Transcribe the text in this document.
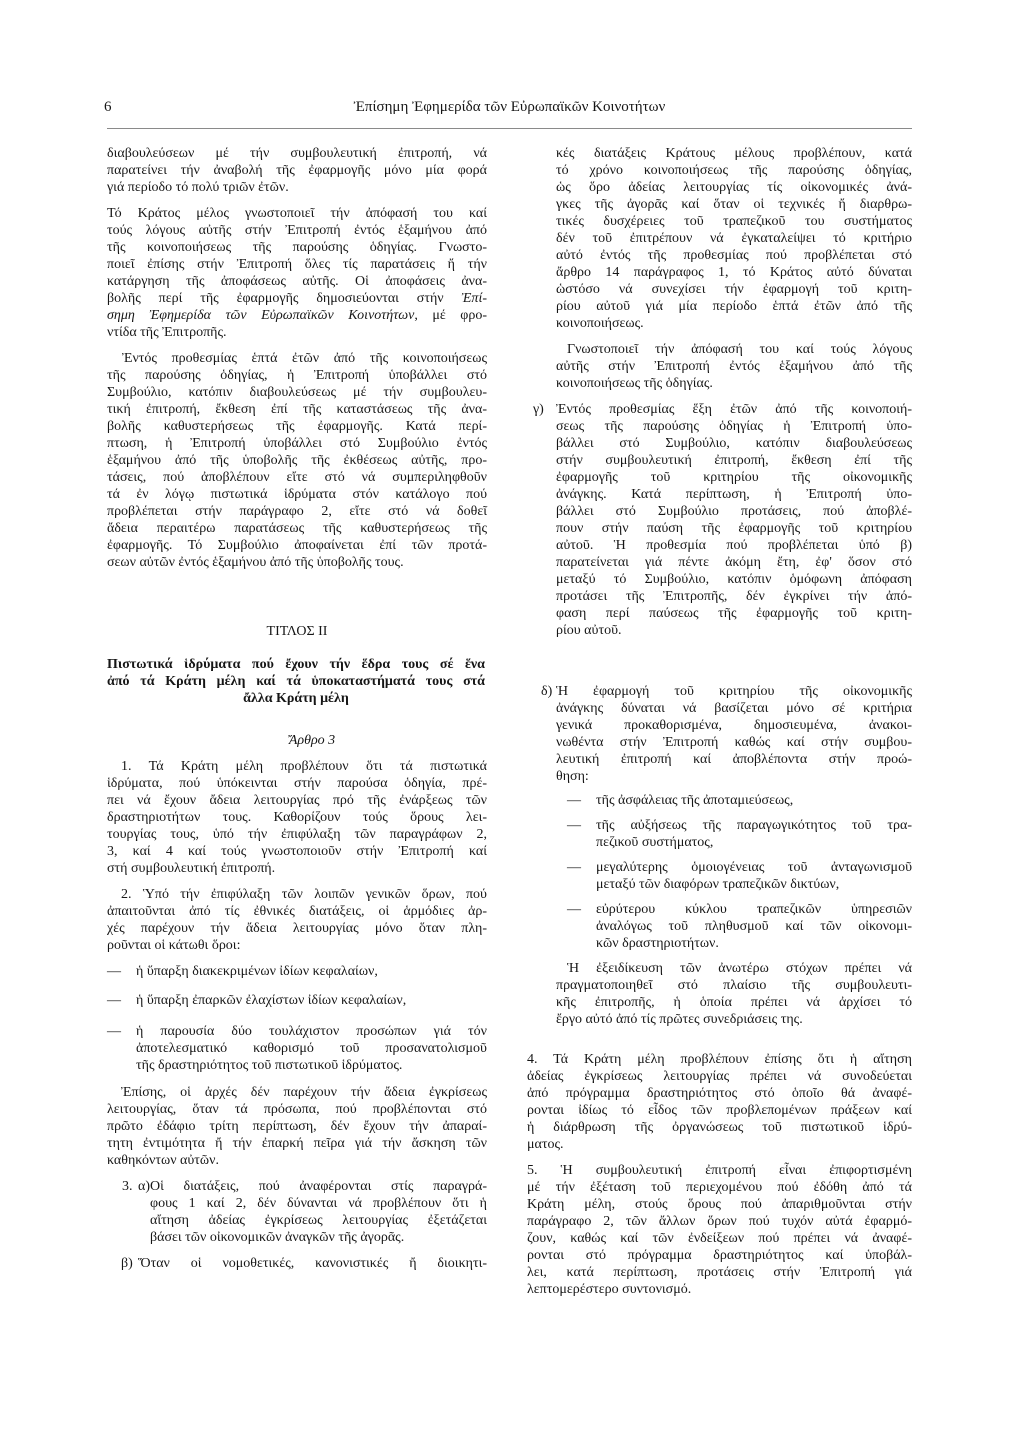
6	Ἐπίσημη Ἐφημερίδα τῶν Εὐρωπαϊκῶν Κοινοτήτων
διαβουλεύσεων μέ τήν συμβουλευτική ἐπιτροπή, νά
παρατείνει τήν ἀναβολή τῆς ἐφαρμογῆς μόνο μία φορά
γιά περίοδο τό πολύ τριῶν ἐτῶν.
Τό Κράτος μέλος γνωστοποιεῖ τήν ἀπόφασή του καί
τούς λόγους αὐτῆς στήν Ἐπιτροπή ἐντός ἑξαμήνου ἀπό
τῆς κοινοποιήσεως τῆς παρούσης ὁδηγίας. Γνωστο-
ποιεῖ ἐπίσης στήν Ἐπιτροπή ὅλες τίς παρατάσεις ἤ τήν
κατάργηση τῆς ἀποφάσεως αὐτῆς. Οἱ ἀποφάσεις ἀνα-
βολῆς περί τῆς ἐφαρμογῆς δημοσιεύονται στήν Ἐπί-
σημη Ἐφημερίδα τῶν Εὐρωπαϊκῶν Κοινοτήτων, μέ φρο-
ντίδα τῆς Ἐπιτροπῆς.
Ἐντός προθεσμίας ἑπτά ἐτῶν ἀπό τῆς κοινοποιήσεως
τῆς παρούσης ὁδηγίας, ἡ Ἐπιτροπή ὑποβάλλει στό
Συμβούλιο, κατόπιν διαβουλεύσεως μέ τήν συμβουλευ-
τική ἐπιτροπή, ἔκθεση ἐπί τῆς καταστάσεως τῆς ἀνα-
βολῆς καθυστερήσεως τῆς ἐφαρμογῆς. Κατά περί-
πτωση, ἡ Ἐπιτροπή ὑποβάλλει στό Συμβούλιο ἐντός
ἑξαμήνου ἀπό τῆς ὑποβολῆς τῆς ἐκθέσεως αὐτῆς, προ-
τάσεις, πού ἀποβλέπουν εἴτε στό νά συμπεριληφθοῦν
τά ἐν λόγῳ πιστωτικά ἱδρύματα στόν κατάλογο πού
προβλέπεται στήν παράγραφο 2, εἴτε στό νά δοθεῖ
ἄδεια περαιτέρω παρατάσεως τῆς καθυστερήσεως τῆς
ἐφαρμογῆς. Τό Συμβούλιο ἀποφαίνεται ἐπί τῶν προτά-
σεων αὐτῶν ἐντός ἑξαμήνου ἀπό τῆς ὑποβολῆς τους.
ΤΙΤΛΟΣ II
Πιστωτικά ἱδρύματα πού ἔχουν τήν ἕδρα τους σέ ἕνα
ἀπό τά Κράτη μέλη καί τά ὑποκαταστήματά τους στά
ἄλλα Κράτη μέλη
Ἄρθρο 3
1. Τά Κράτη μέλη προβλέπουν ὅτι τά πιστωτικά
ἱδρύματα, πού ὑπόκεινται στήν παρούσα ὁδηγία, πρέ-
πει νά ἔχουν ἄδεια λειτουργίας πρό τῆς ἐνάρξεως τῶν
δραστηριοτήτων τους. Καθορίζουν τούς ὅρους λει-
τουργίας τους, ὑπό τήν ἐπιφύλαξη τῶν παραγράφων 2,
3, καί 4 καί τούς γνωστοποιοῦν στήν Ἐπιτροπή καί
στή συμβουλευτική ἐπιτροπή.
2. Ὑπό τήν ἐπιφύλαξη τῶν λοιπῶν γενικῶν ὅρων, πού
ἀπαιτοῦνται ἀπό τίς ἐθνικές διατάξεις, οἱ ἁρμόδιες ἀρ-
χές παρέχουν τήν ἄδεια λειτουργίας μόνο ὅταν πλη-
ροῦνται οἱ κάτωθι ὅροι:
— ἡ ὕπαρξη διακεκριμένων ἰδίων κεφαλαίων,
— ἡ ὕπαρξη ἐπαρκῶν ἐλαχίστων ἰδίων κεφαλαίων,
— ἡ παρουσία δύο τουλάχιστον προσώπων γιά τόν
ἀποτελεσματικό καθορισμό τοῦ προσανατολισμοῦ
τῆς δραστηριότητος τοῦ πιστωτικοῦ ἱδρύματος.
Ἐπίσης, οἱ ἀρχές δέν παρέχουν τήν ἄδεια ἐγκρίσεως
λειτουργίας, ὅταν τά πρόσωπα, πού προβλέπονται στό
πρῶτο ἐδάφιο τρίτη περίπτωση, δέν ἔχουν τήν ἀπαραί-
τητη ἐντιμότητα ἤ τήν ἐπαρκή πεῖρα γιά τήν ἄσκηση τῶν
καθηκόντων αὐτῶν.
3. α) Οἱ διατάξεις, πού ἀναφέρονται στίς παραγρά-
φους 1 καί 2, δέν δύνανται νά προβλέπουν ὅτι ἡ
αἴτηση ἀδείας ἐγκρίσεως λειτουργίας ἐξετάζεται
βάσει τῶν οἰκονομικῶν ἀναγκῶν τῆς ἀγορᾶς.
β) Ὅταν οἱ νομοθετικές, κανονιστικές ἤ διοικητι-
κές διατάξεις Κράτους μέλους προβλέπουν, κατά
τό χρόνο κοινοποιήσεως τῆς παρούσης ὁδηγίας,
ὡς ὅρο ἀδείας λειτουργίας τίς οἰκονομικές ἀνά-
γκες τῆς ἀγορᾶς καί ὅταν οἱ τεχνικές ἤ διαρθρω-
τικές δυσχέρειες τοῦ τραπεζικοῦ του συστήματος
δέν τοῦ ἐπιτρέπουν νά ἐγκαταλείψει τό κριτήριο
αὐτό ἐντός τῆς προθεσμίας πού προβλέπεται στό
ἄρθρο 14 παράγραφος 1, τό Κράτος αὐτό δύναται
ὡστόσο νά συνεχίσει τήν ἐφαρμογή τοῦ κριτη-
ρίου αὐτοῦ γιά μία περίοδο ἑπτά ἐτῶν ἀπό τῆς
κοινοποιήσεως.
Γνωστοποιεῖ τήν ἀπόφασή του καί τούς λόγους
αὐτῆς στήν Ἐπιτροπή ἐντός ἑξαμήνου ἀπό τῆς
κοινοποιήσεως τῆς ὁδηγίας.
γ) Ἐντός προθεσμίας ἕξη ἐτῶν ἀπό τῆς κοινοποιή-
σεως τῆς παρούσης ὁδηγίας ἡ Ἐπιτροπή ὑπο-
βάλλει στό Συμβούλιο, κατόπιν διαβουλεύσεως
στήν συμβουλευτική ἐπιτροπή, ἔκθεση ἐπί τῆς
ἐφαρμογῆς τοῦ κριτηρίου τῆς οἰκονομικῆς
ἀνάγκης. Κατά περίπτωση, ἡ Ἐπιτροπή ὑπο-
βάλλει στό Συμβούλιο προτάσεις, πού ἀποβλέ-
πουν στήν παύση τῆς ἐφαρμογῆς τοῦ κριτηρίου
αὐτοῦ. Ἡ προθεσμία πού προβλέπεται ὑπό β)
παρατείνεται γιά πέντε ἀκόμη ἔτη, ἐφ' ὅσον στό
μεταξύ τό Συμβούλιο, κατόπιν ὁμόφωνη ἀπόφαση
προτάσει τῆς Ἐπιτροπῆς, δέν ἐγκρίνει τήν ἀπό-
φαση περί παύσεως τῆς ἐφαρμογῆς τοῦ κριτη-
ρίου αὐτοῦ.
δ) Ἡ ἐφαρμογή τοῦ κριτηρίου τῆς οἰκονομικῆς
ἀνάγκης δύναται νά βασίζεται μόνο σέ κριτήρια
γενικά προκαθορισμένα, δημοσιευμένα, ἀνακοι-
νωθέντα στήν Ἐπιτροπή καθώς καί στήν συμβου-
λευτική ἐπιτροπή καί ἀποβλέποντα στήν προώ-
θηση:
— τῆς ἀσφάλειας τῆς ἀποταμιεύσεως,
— τῆς αὐξήσεως τῆς παραγωγικότητος τοῦ τρα-
πεζικοῦ συστήματος,
— μεγαλύτερης ὁμοιογένειας τοῦ ἀνταγωνισμοῦ
μεταξύ τῶν διαφόρων τραπεζικῶν δικτύων,
— εὐρύτερου κύκλου τραπεζικῶν ὑπηρεσιῶν
ἀναλόγως τοῦ πληθυσμοῦ καί τῶν οἰκονομι-
κῶν δραστηριοτήτων.
Ἡ ἐξειδίκευση τῶν ἀνωτέρω στόχων πρέπει νά
πραγματοποιηθεῖ στό πλαίσιο τῆς συμβουλευτι-
κῆς ἐπιτροπῆς, ἡ ὁποία πρέπει νά ἀρχίσει τό
ἔργο αὐτό ἀπό τίς πρῶτες συνεδριάσεις της.
4. Τά Κράτη μέλη προβλέπουν ἐπίσης ὅτι ἡ αἴτηση
ἀδείας ἐγκρίσεως λειτουργίας πρέπει νά συνοδεύεται
ἀπό πρόγραμμα δραστηριότητος στό ὁποῖο θά ἀναφέ-
ρονται ἰδίως τό εἶδος τῶν προβλεπομένων πράξεων καί
ἡ διάρθρωση τῆς ὀργανώσεως τοῦ πιστωτικοῦ ἱδρύ-
ματος.
5. Ἡ συμβουλευτική ἐπιτροπή εἶναι ἐπιφορτισμένη
μέ τήν ἐξέταση τοῦ περιεχομένου πού ἐδόθη ἀπό τά
Κράτη μέλη, στούς ὅρους πού ἀπαριθμοῦνται στήν
παράγραφο 2, τῶν ἄλλων ὅρων πού τυχόν αὐτά ἐφαρμό-
ζουν, καθώς καί τῶν ἐνδείξεων πού πρέπει νά ἀναφέ-
ρονται στό πρόγραμμα δραστηριότητος καί ὑποβάλ-
λει, κατά περίπτωση, προτάσεις στήν Ἐπιτροπή γιά
λεπτομερέστερο συντονισμό.
